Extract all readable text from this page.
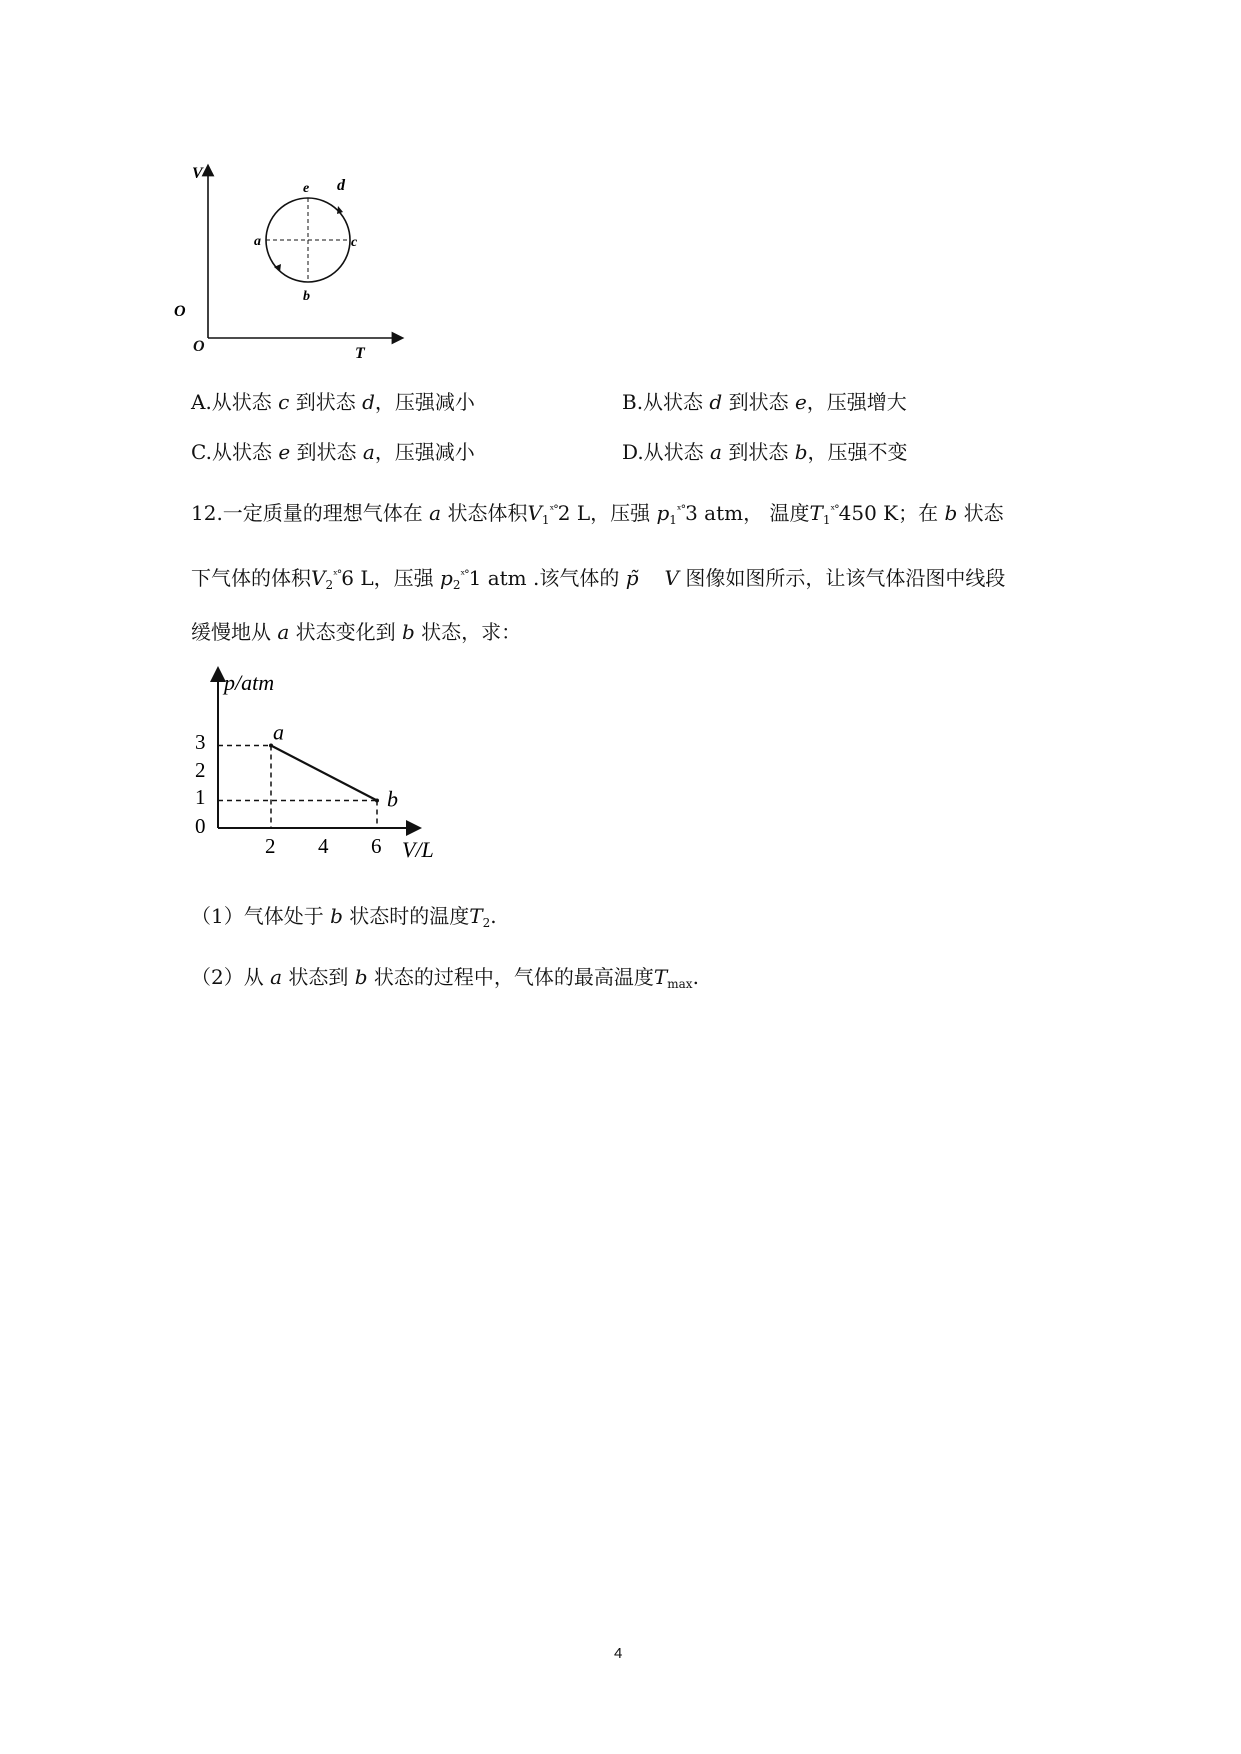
V
T
O
e d
a	c
b
O
A.从状态 c 到状态 d，压强减小	B.从状态 d 到状态 e，压强增大
C.从状态 e 到状态 a，压强减小	D.从状态 a 到状态 b，压强不变
12.一定质量的理想气体在 a 状态体积$V_1^{ˣ^\circ}2$ L，压强 $p_1^{ˣ^\circ}3$ atm， 温度$T_1^{ˣ^\circ}450$ K；在 b 状态
下气体的体积$V_2^{ˣ^\circ}6$ L，压强 $p_2^{ˣ^\circ}1$ atm .该气体的 p̃ V 图像如图所示，让该气体沿图中线段
缓慢地从 a 状态变化到 b 状态，求：
p/atm
V/L
3
2
1
0
a
b
2 4 6
（1）气体处于 b 状态时的温度$T_2$.
（2）从 a 状态到 b 状态的过程中，气体的最高温度$T_{max}$.
4
